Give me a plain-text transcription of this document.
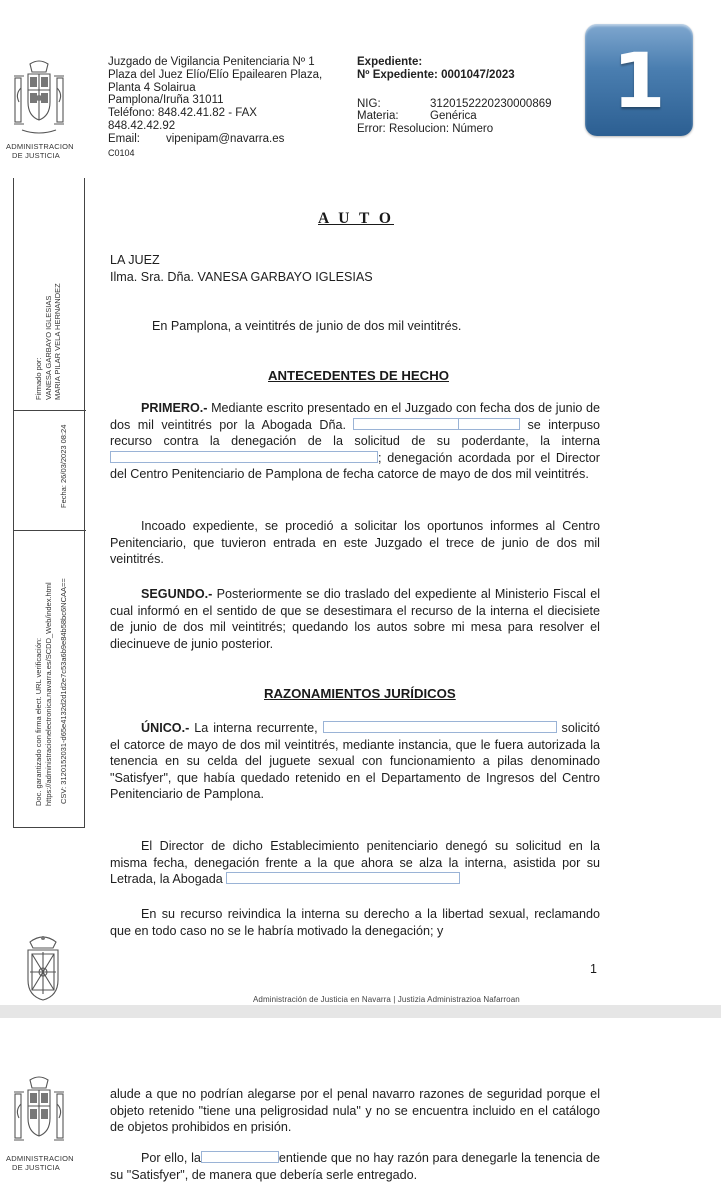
ADMINISTRACION
DE JUSTICIA
Juzgado de Vigilancia Penitenciaria Nº 1
Plaza del Juez Elío/Elío Epailearen Plaza,
Planta 4 Solairua
Pamplona/Iruña 31011
Teléfono: 848.42.41.82 - FAX
848.42.42.92
Email: vipenipam@navarra.es
C0104
Expediente:
Nº Expediente: 0001047/2023
NIG:	3120152220230000869
Materia:	Genérica
Error: Resolucion: Número
1
Firmado por: VANESA GARBAYO IGLESIAS MARIA PILAR VELA HERNANDEZ
Fecha: 26/03/2023 08:24
Doc. garantizado con firma elect. URL verificación: https://administracionelectronica.navarra.es/SCDD_Web/index.html CSV: 3120152031-d65e4132d2d1d2e7c53a6b9e84b58bc6NCAA==
A U T O
LA JUEZ
Ilma. Sra. Dña. VANESA GARBAYO IGLESIAS
En Pamplona, a veintitrés de junio de dos mil veintitrés.
ANTECEDENTES DE HECHO
PRIMERO.- Mediante escrito presentado en el Juzgado con fecha dos de junio de dos mil veintitrés por la Abogada Dña.	se interpuso recurso contra la denegación de la solicitud de su poderdante, la interna ; denegación acordada por el Director del Centro Penitenciario de Pamplona de fecha catorce de mayo de dos mil veintitrés.
Incoado expediente, se procedió a solicitar los oportunos informes al Centro Penitenciario, que tuvieron entrada en este Juzgado el trece de junio de dos mil veintitrés.
SEGUNDO.- Posteriormente se dio traslado del expediente al Ministerio Fiscal el cual informó en el sentido de que se desestimara el recurso de la interna el diecisiete de junio de dos mil veintitrés; quedando los autos sobre mi mesa para resolver el diecinueve de junio posterior.
RAZONAMIENTOS JURÍDICOS
ÚNICO.- La interna recurrente,	solicitó el catorce de mayo de dos mil veintitrés, mediante instancia, que le fuera autorizada la tenencia en su celda del juguete sexual con funcionamiento a pilas denominado "Satisfyer", que había quedado retenido en el Departamento de Ingresos del Centro Penitenciario de Pamplona.
El Director de dicho Establecimiento penitenciario denegó su solicitud en la misma fecha, denegación frente a la que ahora se alza la interna, asistida por su Letrada, la Abogada
En su recurso reivindica la interna su derecho a la libertad sexual, reclamando que en todo caso no se le habría motivado la denegación; y
1
Administración de Justicia en Navarra | Justizia Administrazioa Nafarroan
ADMINISTRACION
DE JUSTICIA
alude a que no podrían alegarse por el penal navarro razones de seguridad porque el objeto retenido "tiene una peligrosidad nula" y no se encuentra incluido en el catálogo de objetos prohibidos en prisión.
Por ello, la	entiende que no hay razón para denegarle la tenencia de su "Satisfyer", de manera que debería serle entregado.
